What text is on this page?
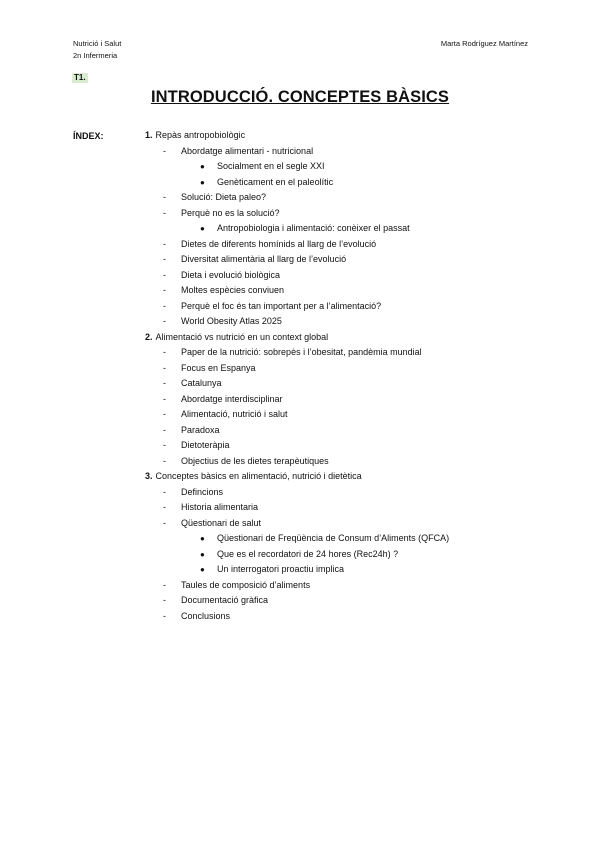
Nutrició i Salut
2n Infermeria
Marta Rodríguez Martínez
T1.
INTRODUCCIÓ. CONCEPTES BÀSICS
ÍNDEX:	1. Repàs antropobiològic
- Abordatge alimentari - nutricional
● Socialment en el segle XXI
● Genèticament en el paleolític
- Solució: Dieta paleo?
- Perquè no es la solució?
● Antropobiologia i alimentació: conèixer el passat
- Dietes de diferents homínids al llarg de l’evolució
- Diversitat alimentària al llarg de l’evolució
- Dieta i evolució biològica
- Moltes espècies conviuen
- Perquè el foc és tan important per a l’alimentació?
- World Obesity Atlas 2025
2. Alimentació vs nutrició en un context global
- Paper de la nutrició: sobrepès i l’obesitat, pandèmia mundial
- Focus en Espanya
- Catalunya
- Abordatge interdisciplinar
- Alimentació, nutrició i salut
- Paradoxa
- Dietoteràpia
- Objectius de les dietes terapèutiques
3. Conceptes bàsics en alimentació, nutrició i dietètica
- Defincions
- Historia alimentaria
- Qüestionari de salut
● Qüestionari de Freqüència de Consum d’Aliments (QFCA)
● Que es el recordatori de 24 hores (Rec24h) ?
● Un interrogatori proactiu implica
- Taules de composició d’aliments
- Documentació gràfica
- Conclusions
